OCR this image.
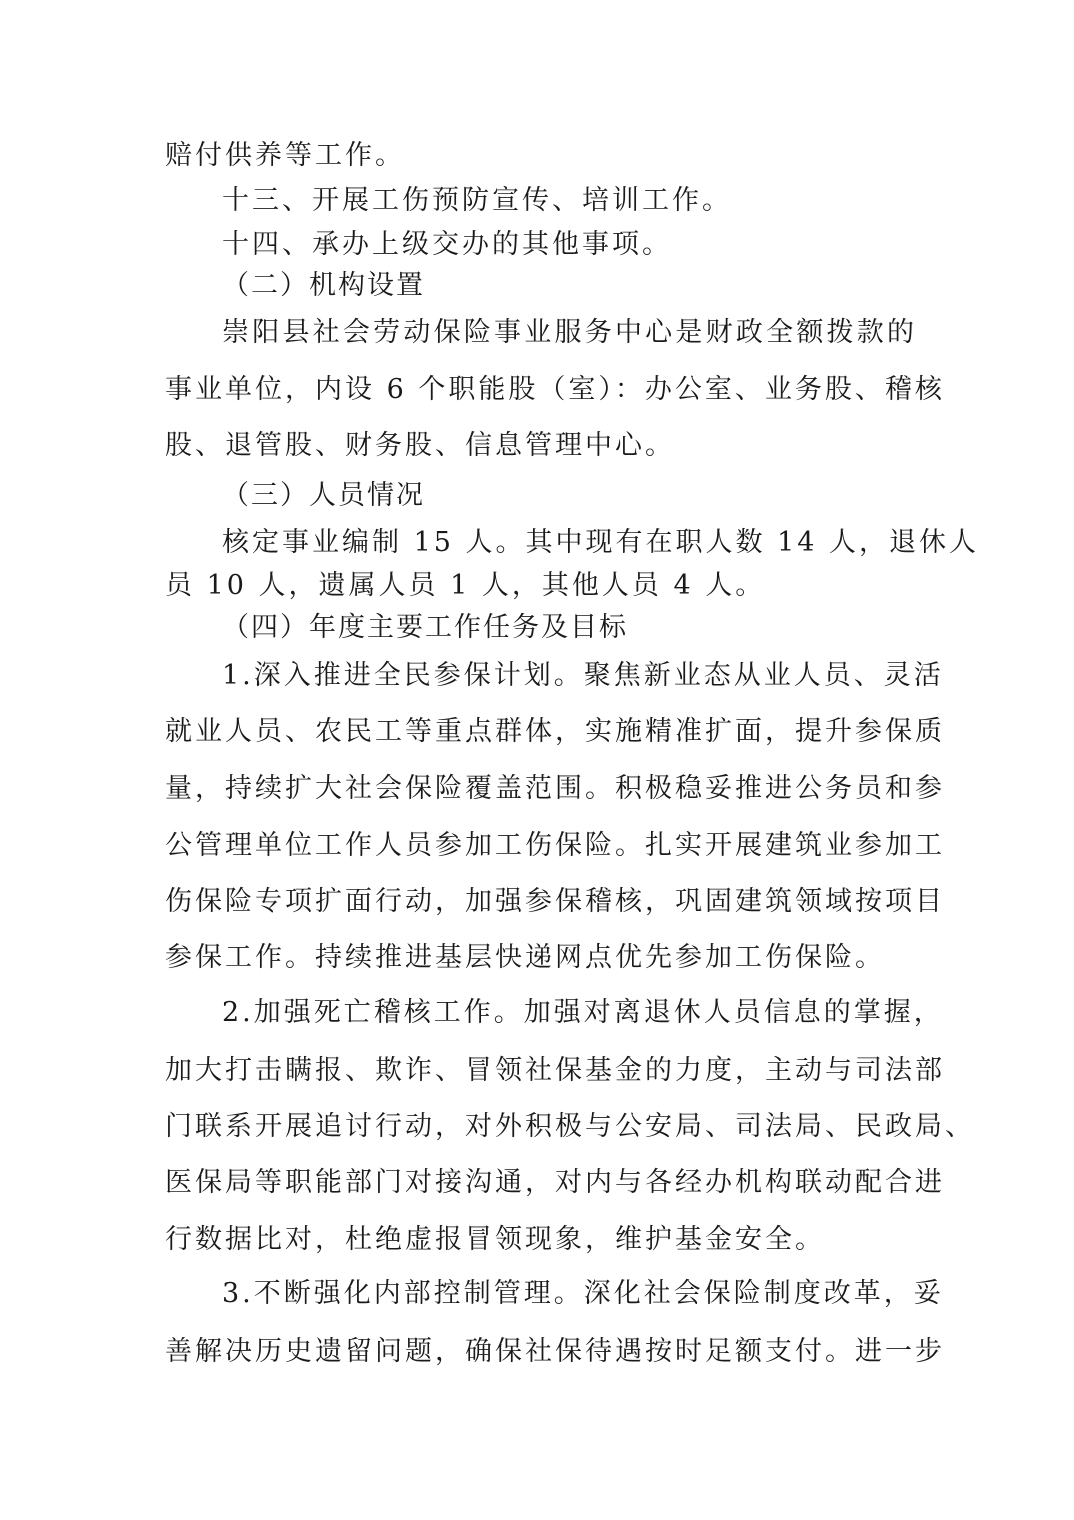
赔付供养等工作。
十三、开展工伤预防宣传、培训工作。
十四、承办上级交办的其他事项。
（二）机构设置
崇阳县社会劳动保险事业服务中心是财政全额拨款的
事业单位，内设 6 个职能股（室）：办公室、业务股、稽核
股、退管股、财务股、信息管理中心。
（三）人员情况
核定事业编制 15 人。其中现有在职人数 14 人，退休人
员 10 人，遗属人员 1 人，其他人员 4 人。
（四）年度主要工作任务及目标
1.深入推进全民参保计划。聚焦新业态从业人员、灵活
就业人员、农民工等重点群体，实施精准扩面，提升参保质
量，持续扩大社会保险覆盖范围。积极稳妥推进公务员和参
公管理单位工作人员参加工伤保险。扎实开展建筑业参加工
伤保险专项扩面行动，加强参保稽核，巩固建筑领域按项目
参保工作。持续推进基层快递网点优先参加工伤保险。
2.加强死亡稽核工作。加强对离退休人员信息的掌握，
加大打击瞒报、欺诈、冒领社保基金的力度，主动与司法部
门联系开展追讨行动，对外积极与公安局、司法局、民政局、
医保局等职能部门对接沟通，对内与各经办机构联动配合进
行数据比对，杜绝虚报冒领现象，维护基金安全。
3.不断强化内部控制管理。深化社会保险制度改革，妥
善解决历史遗留问题，确保社保待遇按时足额支付。进一步
